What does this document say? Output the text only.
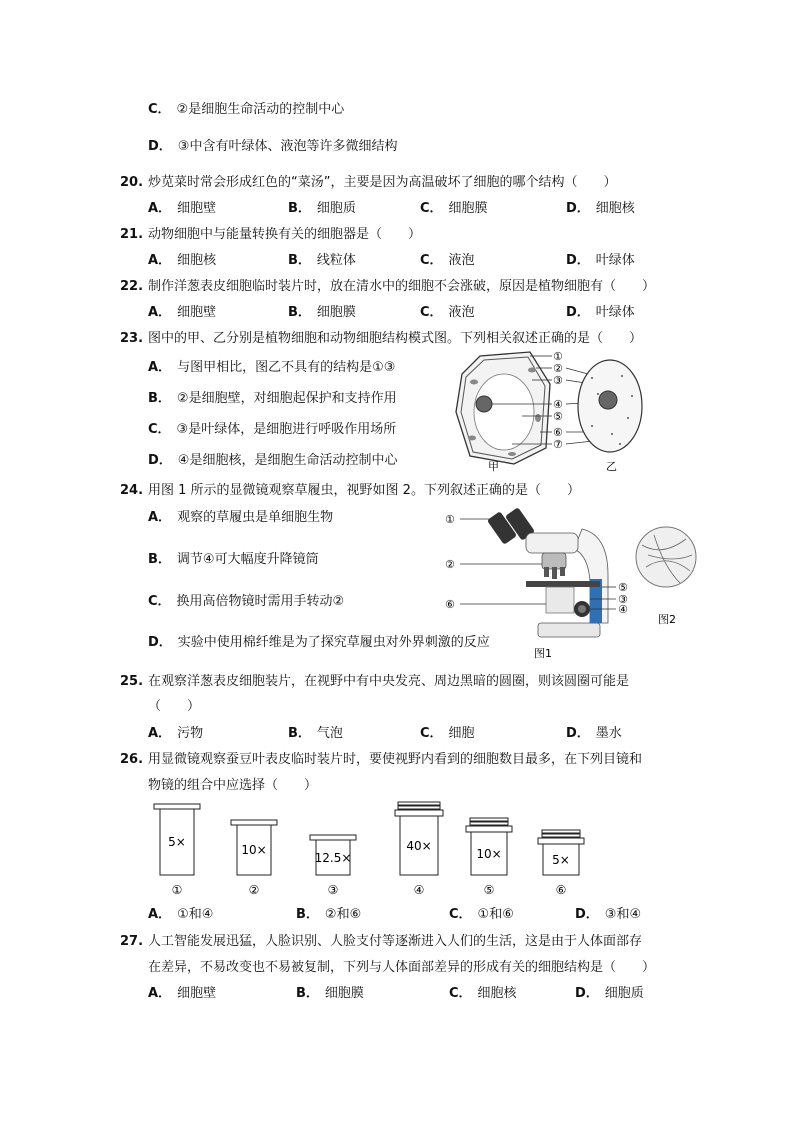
C． ②是细胞生命活动的控制中心
D． ③中含有叶绿体、液泡等许多微细结构
20. 炒苋菜时常会形成红色的“菜汤”，主要是因为高温破坏了细胞的哪个结构（　　）
A． 细胞壁	B． 细胞质	C． 细胞膜	D． 细胞核
21. 动物细胞中与能量转换有关的细胞器是（　　）
A． 细胞核	B． 线粒体	C． 液泡	D． 叶绿体
22. 制作洋葱表皮细胞临时装片时，放在清水中的细胞不会涨破，原因是植物细胞有（　　）
A． 细胞壁	B． 细胞膜	C． 液泡	D． 叶绿体
23. 图中的甲、乙分别是植物细胞和动物细胞结构模式图。下列相关叙述正确的是（　　）
A． 与图甲相比，图乙不具有的结构是①③
B． ②是细胞壁，对细胞起保护和支持作用
C． ③是叶绿体，是细胞进行呼吸作用场所
D． ④是细胞核，是细胞生命活动控制中心
①
②
③
④
⑤
⑥
⑦
甲	乙
24. 用图 1 所示的显微镜观察草履虫，视野如图 2。下列叙述正确的是（　　）
A． 观察的草履虫是单细胞生物
B． 调节④可大幅度升降镜筒
C． 换用高倍物镜时需用手转动②
D． 实验中使用棉纤维是为了探究草履虫对外界刺激的反应
①
②
⑥
⑤
③
④
图1
图2
25. 在观察洋葱表皮细胞装片，在视野中有中央发亮、周边黑暗的圆圈，则该圆圈可能是
（　　）
A． 污物	B． 气泡	C． 细胞	D． 墨水
26. 用显微镜观察蚕豆叶表皮临时装片时，要使视野内看到的细胞数目最多，在下列目镜和
物镜的组合中应选择（　　）
5×
①
10×
②
12.5×
③
40×
④
10×
⑤
5×
⑥
A． ①和④	B． ②和⑥	C． ①和⑥	D． ③和④
27. 人工智能发展迅猛，人脸识别、人脸支付等逐渐进入人们的生活，这是由于人体面部存
在差异，不易改变也不易被复制，下列与人体面部差异的形成有关的细胞结构是（　　）
A． 细胞壁	B． 细胞膜	C． 细胞核	D． 细胞质
